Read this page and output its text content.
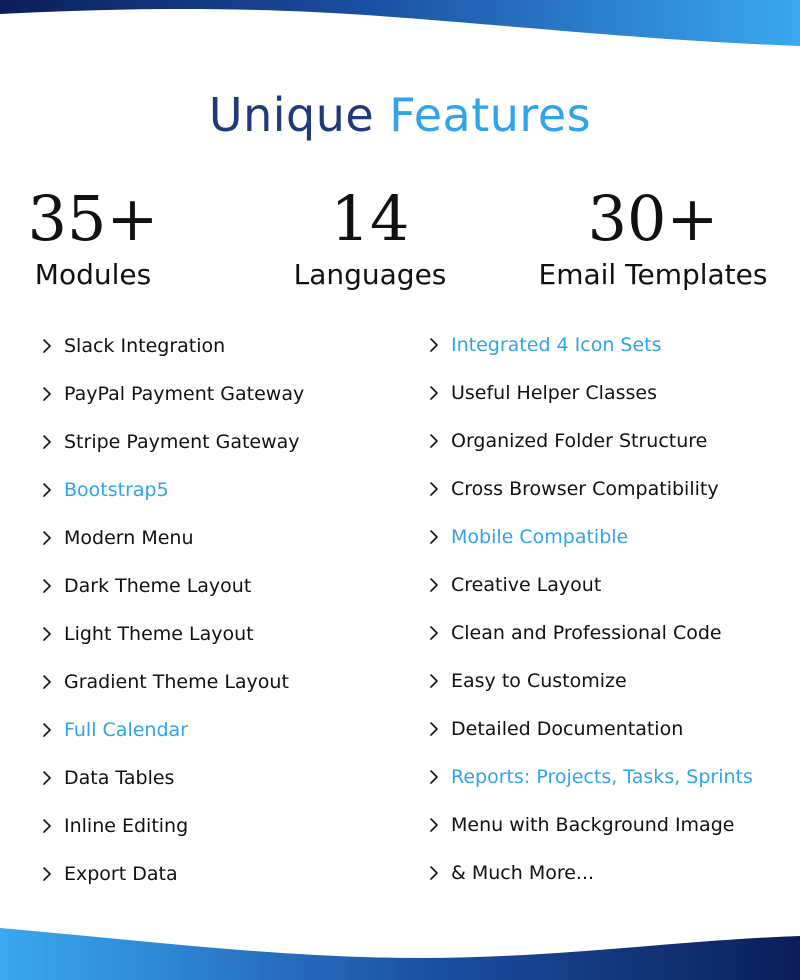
Unique Features
35+
Modules
14
Languages
30+
Email Templates
Slack Integration
PayPal Payment Gateway
Stripe Payment Gateway
Bootstrap5
Modern Menu
Dark Theme Layout
Light Theme Layout
Gradient Theme Layout
Full Calendar
Data Tables
Inline Editing
Export Data
Integrated 4 Icon Sets
Useful Helper Classes
Organized Folder Structure
Cross Browser Compatibility
Mobile Compatible
Creative Layout
Clean and Professional Code
Easy to Customize
Detailed Documentation
Reports: Projects, Tasks, Sprints
Menu with Background Image
& Much More...
